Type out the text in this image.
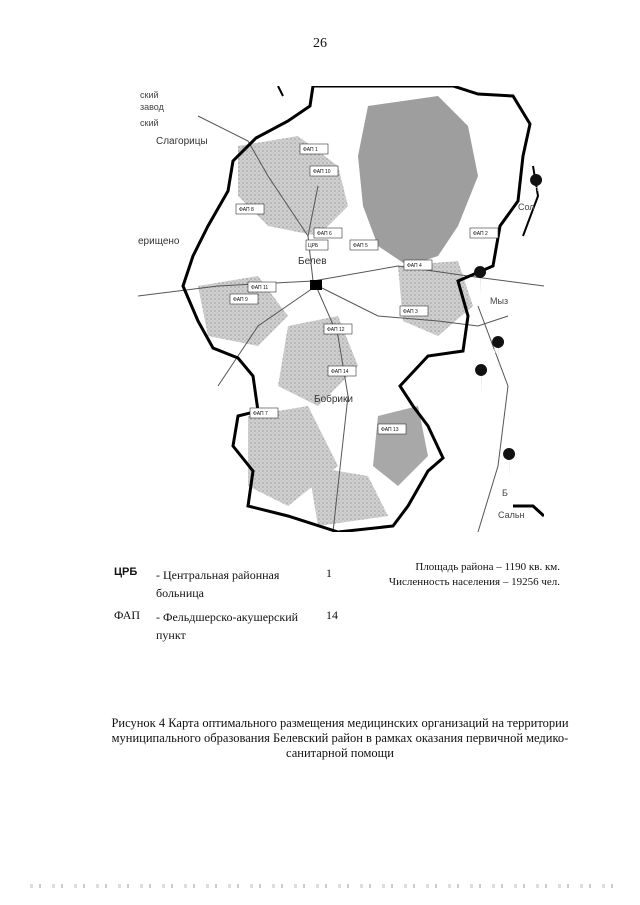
26
ский
завод
ский
Слагорицы
ерищено
Белев
Бобрики
Сол
Мыз
Б
Сальн
ЦРБ
ФАП 1
ФАП 2
ФАП 3
ФАП 4
ФАП 5
ФАП 6
ФАП 7
ФАП 8
ФАП 9
ФАП 10
ФАП 11
ФАП 12
ФАП 13
ФАП 14
ФП
ФП
ФП
ФП
ФП
ЦРБ	- Центральная районная больница
1
ФАП	- Фельдшерско-акушерский пункт
14
Площадь района – 1190 кв. км.
Численность населения – 19256 чел.
Рисунок 4 Карта оптимального размещения медицинских организаций на территории муниципального образования Белевский район в рамках оказания первичной медико-санитарной помощи
